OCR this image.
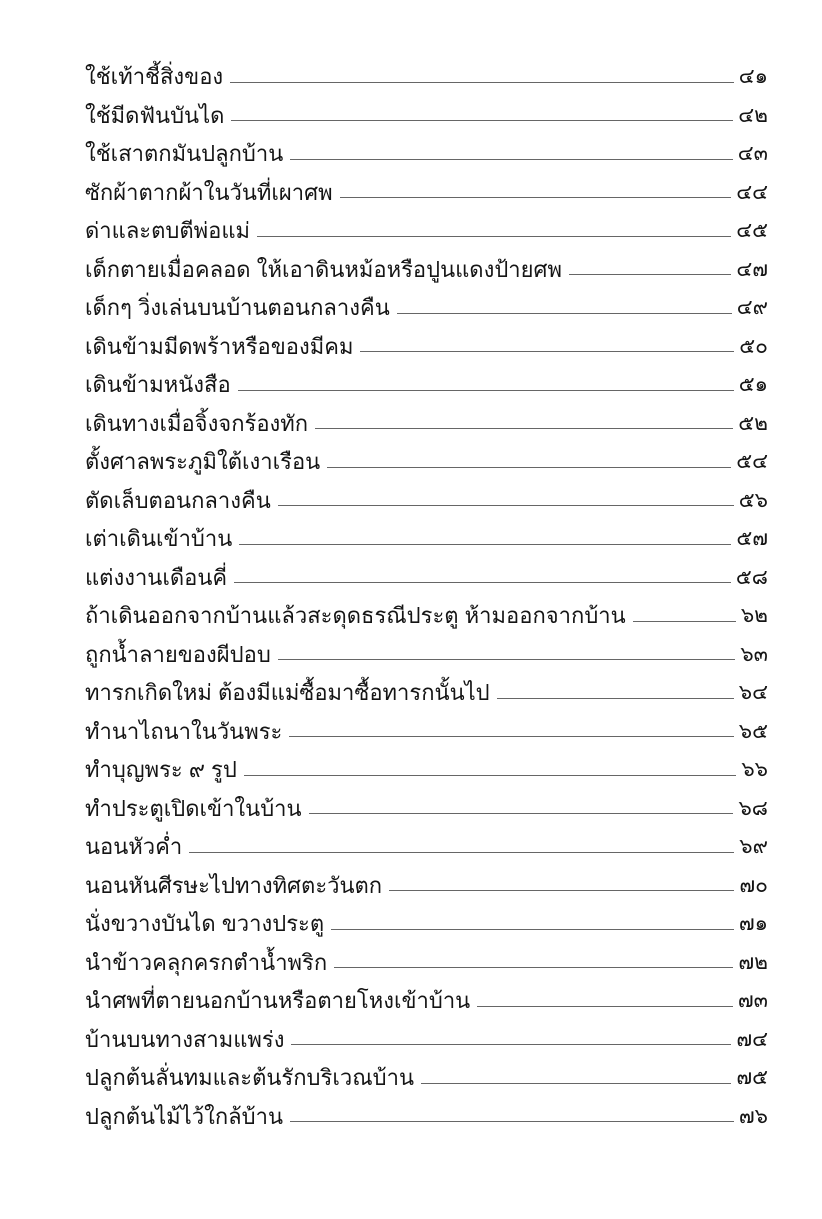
ใช้เท้าชี้สิ่งของ	๔๑
ใช้มีดฟันบันได	๔๒
ใช้เสาตกมันปลูกบ้าน	๔๓
ซักผ้าตากผ้าในวันที่เผาศพ	๔๔
ด่าและตบตีพ่อแม่	๔๕
เด็กตายเมื่อคลอด ให้เอาดินหม้อหรือปูนแดงป้ายศพ	๔๗
เด็กๆ วิ่งเล่นบนบ้านตอนกลางคืน	๔๙
เดินข้ามมีดพร้าหรือของมีคม	๕๐
เดินข้ามหนังสือ	๕๑
เดินทางเมื่อจิ้งจกร้องทัก	๕๒
ตั้งศาลพระภูมิใต้เงาเรือน	๕๔
ตัดเล็บตอนกลางคืน	๕๖
เต่าเดินเข้าบ้าน	๕๗
แต่งงานเดือนคี่	๕๘
ถ้าเดินออกจากบ้านแล้วสะดุดธรณีประตู ห้ามออกจากบ้าน	๖๒
ถูกน้ำลายของผีปอบ	๖๓
ทารกเกิดใหม่ ต้องมีแม่ซื้อมาซื้อทารกนั้นไป	๖๔
ทำนาไถนาในวันพระ	๖๕
ทำบุญพระ ๙ รูป	๖๖
ทำประตูเปิดเข้าในบ้าน	๖๘
นอนหัวค่ำ	๖๙
นอนหันศีรษะไปทางทิศตะวันตก	๗๐
นั่งขวางบันได ขวางประตู	๗๑
นำข้าวคลุกครกตำน้ำพริก	๗๒
นำศพที่ตายนอกบ้านหรือตายโหงเข้าบ้าน	๗๓
บ้านบนทางสามแพร่ง	๗๔
ปลูกต้นลั่นทมและต้นรักบริเวณบ้าน	๗๕
ปลูกต้นไม้ไว้ใกล้บ้าน	๗๖
